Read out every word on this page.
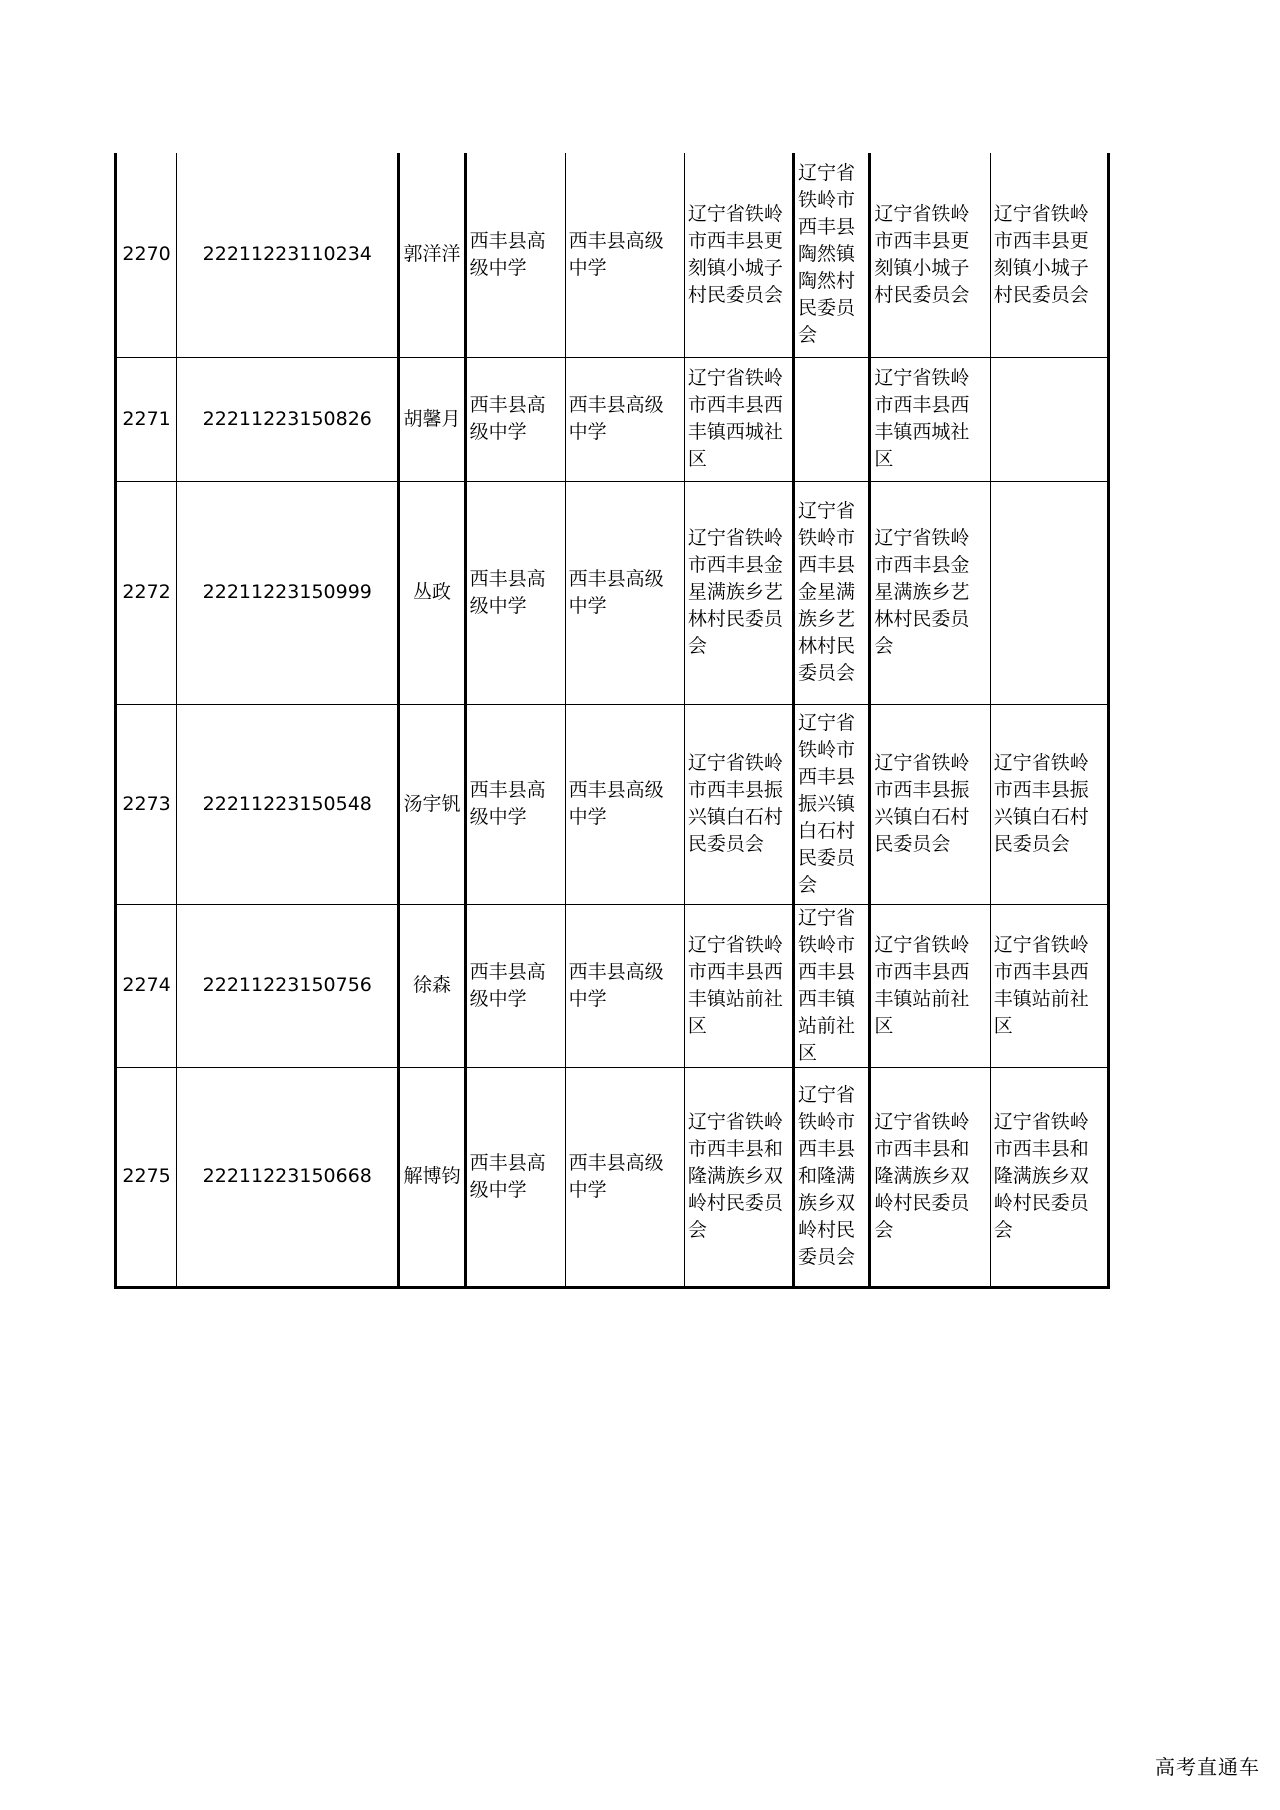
2270	22211223110234	郭洋洋	西丰县高级中学	西丰县高级中学	辽宁省铁岭市西丰县更刻镇小城子村民委员会	辽宁省铁岭市西丰县陶然镇陶然村民委员会	辽宁省铁岭市西丰县更刻镇小城子村民委员会	辽宁省铁岭市西丰县更刻镇小城子村民委员会
2271	22211223150826	胡馨月	西丰县高级中学	西丰县高级中学	辽宁省铁岭市西丰县西丰镇西城社区		辽宁省铁岭市西丰县西丰镇西城社区	
2272	22211223150999	丛政	西丰县高级中学	西丰县高级中学	辽宁省铁岭市西丰县金星满族乡艺林村民委员会	辽宁省铁岭市西丰县金星满族乡艺林村民委员会	辽宁省铁岭市西丰县金星满族乡艺林村民委员会	
2273	22211223150548	汤宇钒	西丰县高级中学	西丰县高级中学	辽宁省铁岭市西丰县振兴镇白石村民委员会	辽宁省铁岭市西丰县振兴镇白石村民委员会	辽宁省铁岭市西丰县振兴镇白石村民委员会	辽宁省铁岭市西丰县振兴镇白石村民委员会
2274	22211223150756	徐森	西丰县高级中学	西丰县高级中学	辽宁省铁岭市西丰县西丰镇站前社区	辽宁省铁岭市西丰县西丰镇站前社区	辽宁省铁岭市西丰县西丰镇站前社区	辽宁省铁岭市西丰县西丰镇站前社区
2275	22211223150668	解博钧	西丰县高级中学	西丰县高级中学	辽宁省铁岭市西丰县和隆满族乡双岭村民委员会	辽宁省铁岭市西丰县和隆满族乡双岭村民委员会	辽宁省铁岭市西丰县和隆满族乡双岭村民委员会	辽宁省铁岭市西丰县和隆满族乡双岭村民委员会
高考直通车
